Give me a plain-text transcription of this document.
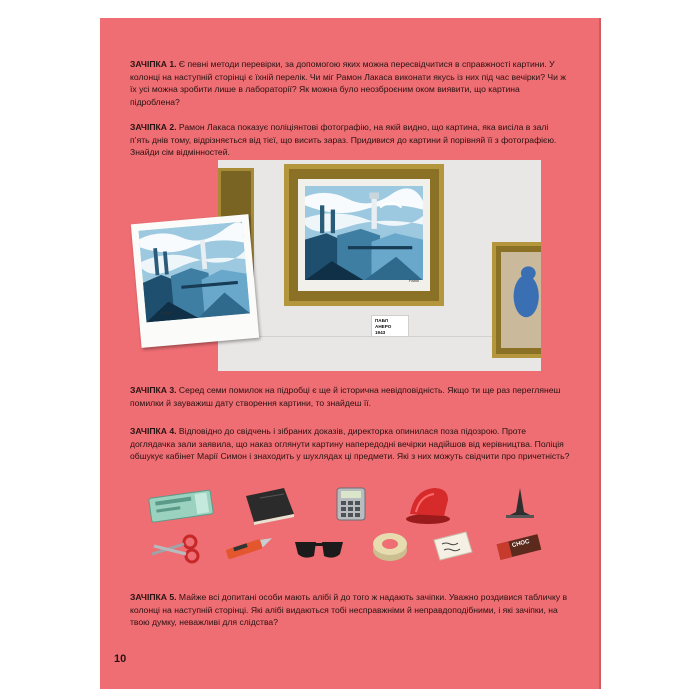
ЗАЧІПКА 1. Є певні методи перевірки, за допомогою яких можна пересвідчитися в справжності картини. У колонці на наступній сторінці є їхній перелік. Чи міг Рамон Лакаса виконати якусь із них під час вечірки? Чи ж їх усі можна зробити лише в лабораторії? Як можна було неозброєним оком виявити, що картина підроблена?
ЗАЧІПКА 2. Рамон Лакаса показує поліціянтові фотографію, на якій видно, що картина, яка висіла в залі п’ять днів тому, відрізняється від тієї, що висить зараз. Придивися до картини й порівняй її з фотографією. Знайди сім відмінностей.
Pablo
ПАБЛ АНЕРО
1943
Pablo
ЗАЧІПКА 3. Серед семи помилок на підробці є ще й історична невідповідність. Якщо ти ще раз переглянеш помилки й зауважиш дату створення картини, то знайдеш її.
ЗАЧІПКА 4. Відповідно до свідчень і зібраних доказів, директорка опинилася поза підозрою. Проте доглядачка зали заявила, що наказ оглянути картину напередодні вечірки надійшов від керівництва. Поліція обшукує кабінет Марії Симон і знаходить у шухлядах ці предмети. Які з них можуть свідчити про причетність?
CHOC
ЗАЧІПКА 5. Майже всі допитані особи мають алібі й до того ж надають зачіпки. Уважно роздивися табличку в колонці на наступній сторінці. Які алібі видаються тобі несправжніми й неправдоподібними, і які зачіпки, на твою думку, неважливі для слідства?
10
